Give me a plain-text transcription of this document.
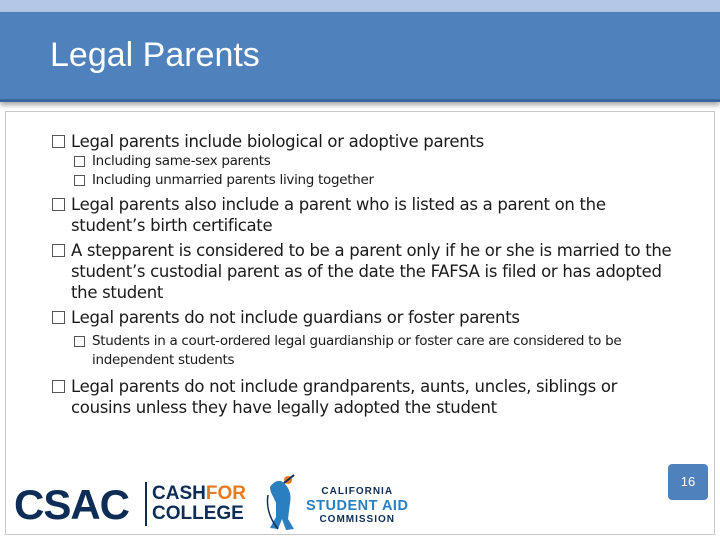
Legal Parents
Legal parents include biological or adoptive parents
Including same-sex parents
Including unmarried parents living together
Legal parents also include a parent who is listed as a parent on the student’s birth certificate
A stepparent is considered to be a parent only if he or she is married to the student’s custodial parent as of the date the FAFSA is filed or has adopted the student
Legal parents do not include guardians or foster parents
Students in a court-ordered legal guardianship or foster care are considered to be independent students
Legal parents do not include grandparents, aunts, uncles, siblings or cousins unless they have legally adopted the student
CSAC CASHFOR
COLLEGE
CALIFORNIA
STUDENT AID
COMMISSION
16
